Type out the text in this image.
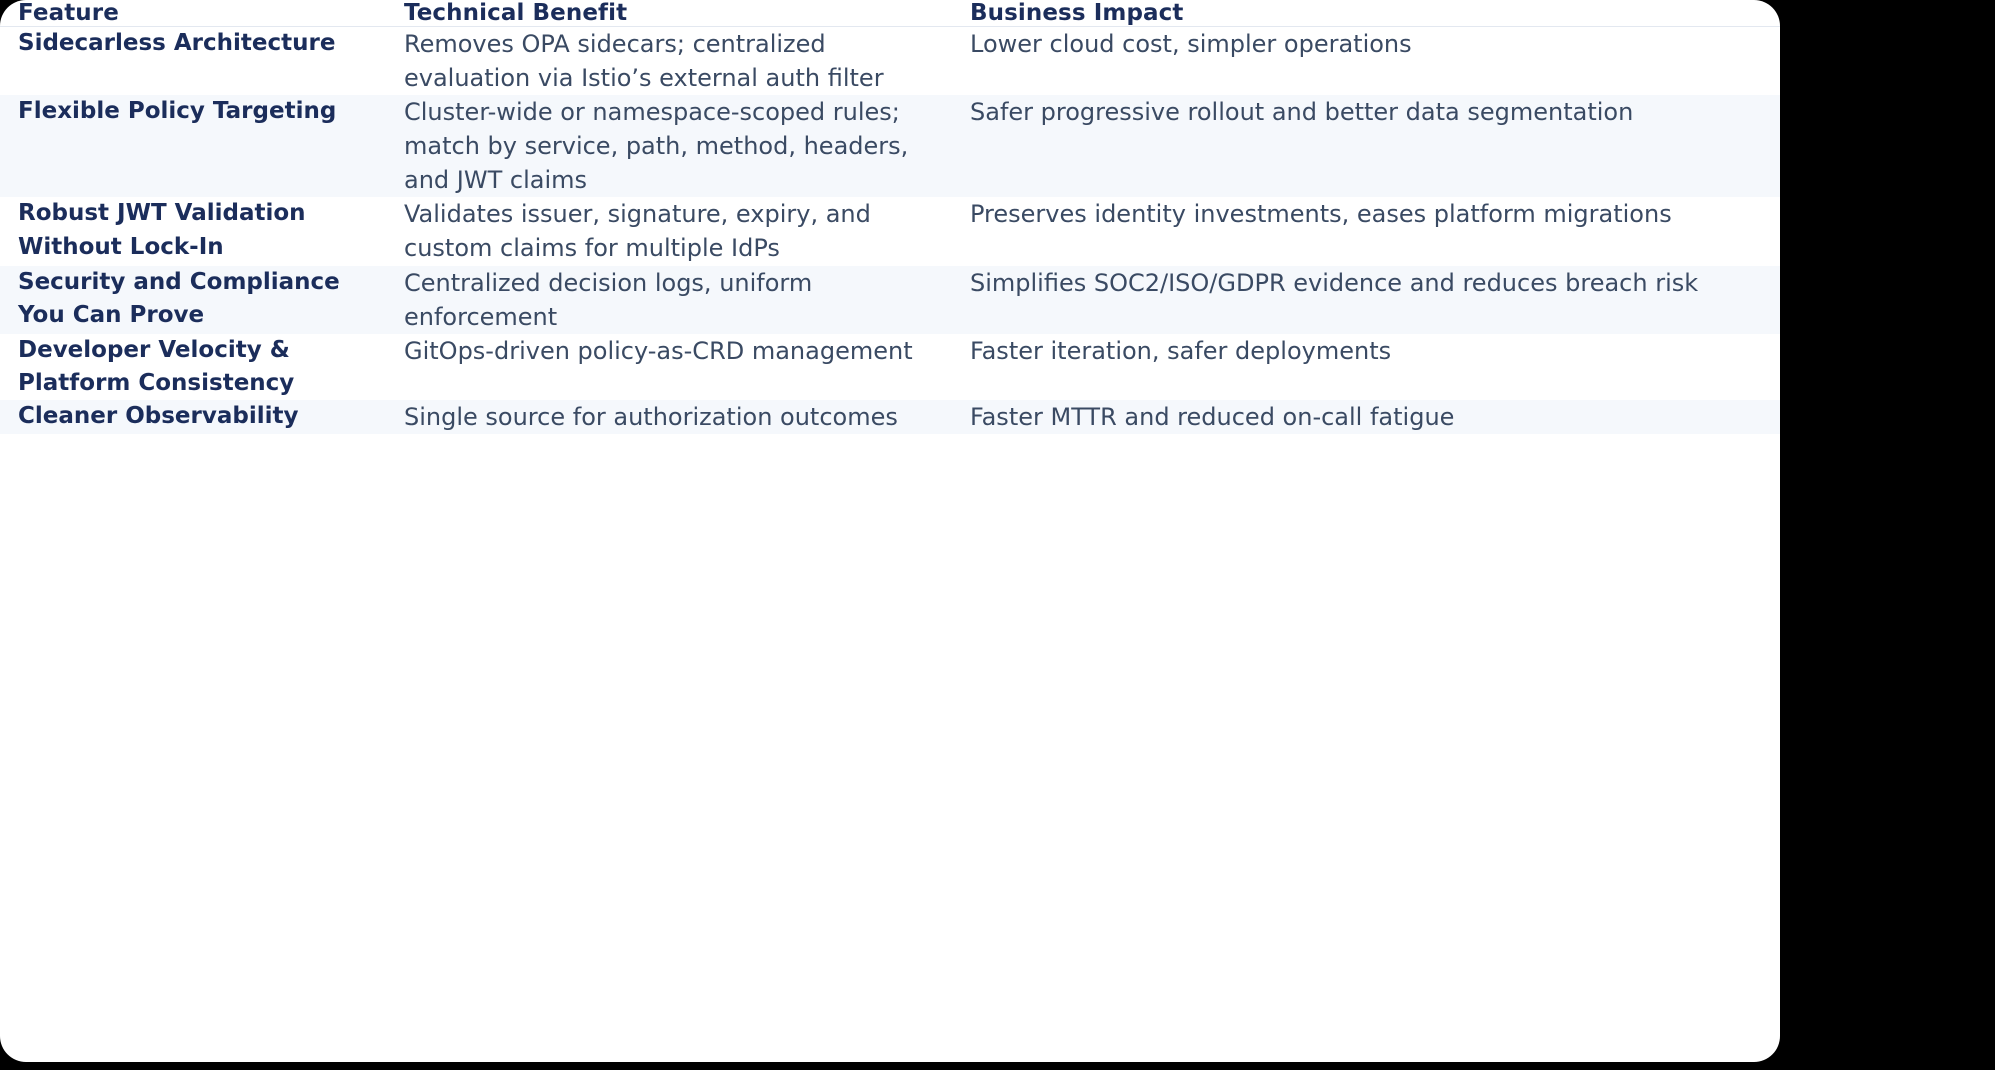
Feature	Technical Benefit	Business Impact
Sidecarless Architecture	Removes OPA sidecars; centralized evaluation via Istio’s external auth filter	Lower cloud cost, simpler operations
Flexible Policy Targeting	Cluster-wide or namespace-scoped rules; match by service, path, method, headers, and JWT claims	Safer progressive rollout and better data segmentation
Robust JWT Validation Without Lock-In	Validates issuer, signature, expiry, and custom claims for multiple IdPs	Preserves identity investments, eases platform migrations
Security and Compliance You Can Prove	Centralized decision logs, uniform enforcement	Simplifies SOC2/ISO/GDPR evidence and reduces breach risk
Developer Velocity & Platform Consistency	GitOps-driven policy-as-CRD management	Faster iteration, safer deployments
Cleaner Observability	Single source for authorization outcomes	Faster MTTR and reduced on-call fatigue
